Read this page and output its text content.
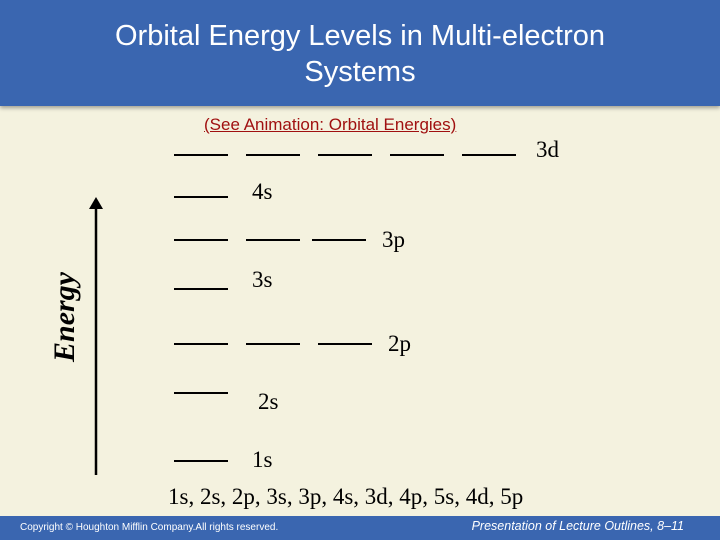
Orbital Energy Levels in Multi-electron Systems
(See Animation: Orbital Energies)
Energy
3d
4s
3p
3s
2p
2s
1s
1s, 2s, 2p, 3s, 3p, 4s, 3d, 4p, 5s, 4d, 5p
Copyright © Houghton Mifflin Company.All rights reserved.	Presentation of Lecture Outlines, 8–11
